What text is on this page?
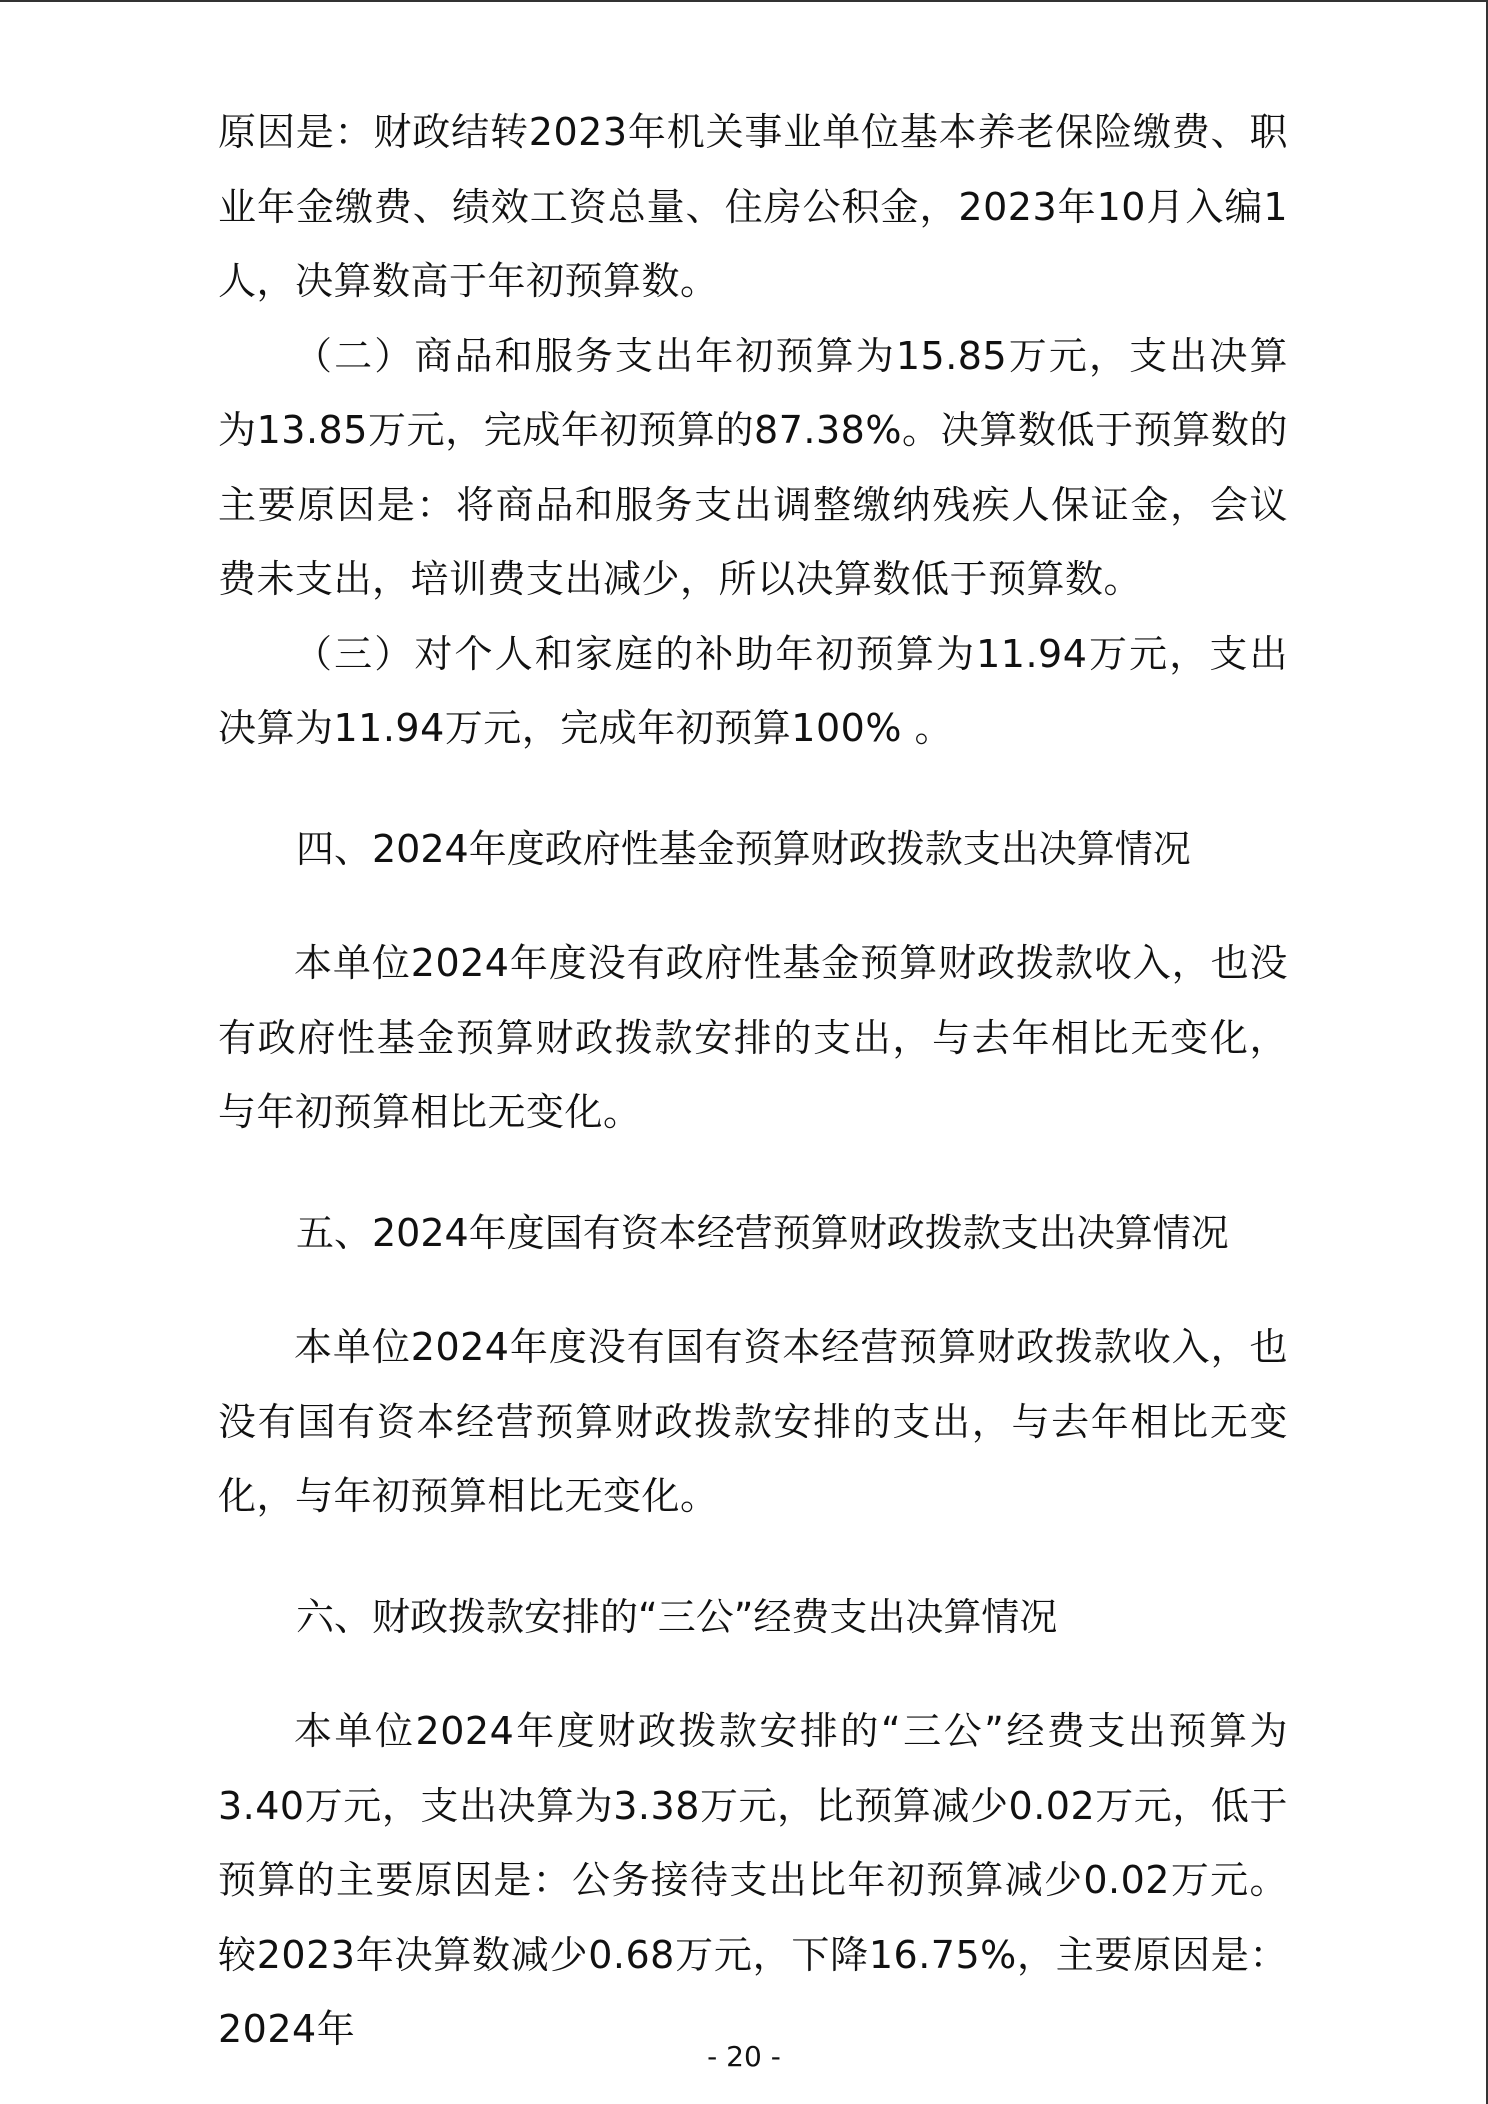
原因是：财政结转2023年机关事业单位基本养老保险缴费、职业年金缴费、绩效工资总量、住房公积金，2023年10月入编1人，决算数高于年初预算数。

（二）商品和服务支出年初预算为15.85万元，支出决算为13.85万元，完成年初预算的87.38%。决算数低于预算数的主要原因是：将商品和服务支出调整缴纳残疾人保证金，会议费未支出，培训费支出减少，所以决算数低于预算数。

（三）对个人和家庭的补助年初预算为11.94万元，支出决算为11.94万元，完成年初预算100% 。

四、2024年度政府性基金预算财政拨款支出决算情况

本单位2024年度没有政府性基金预算财政拨款收入，也没有政府性基金预算财政拨款安排的支出，与去年相比无变化，与年初预算相比无变化。

五、2024年度国有资本经营预算财政拨款支出决算情况

本单位2024年度没有国有资本经营预算财政拨款收入，也没有国有资本经营预算财政拨款安排的支出，与去年相比无变化，与年初预算相比无变化。

六、财政拨款安排的“三公”经费支出决算情况

本单位2024年度财政拨款安排的“三公”经费支出预算为3.40万元，支出决算为3.38万元，比预算减少0.02万元，低于预算的主要原因是：公务接待支出比年初预算减少0.02万元。较2023年决算数减少0.68万元，下降16.75%，主要原因是：2024年

- 20 -
